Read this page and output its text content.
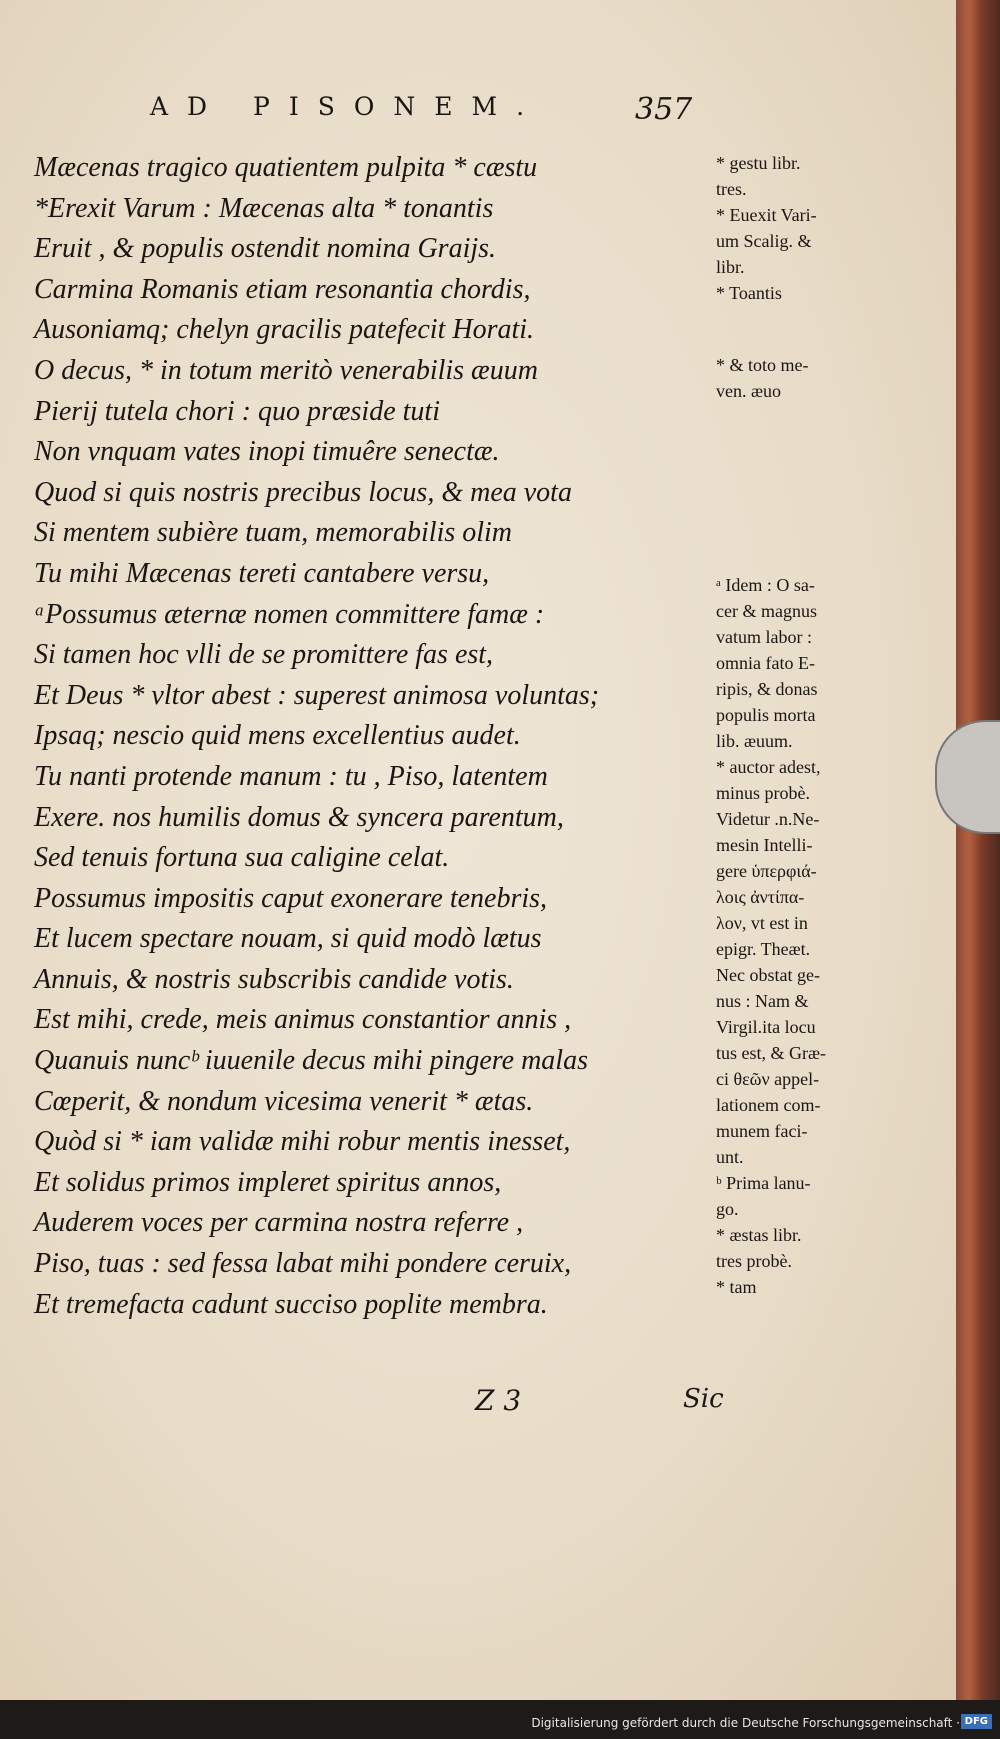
AD PISONEM.	357
Mæcenas tragico quatientem pulpita * cæstu
*Erexit Varum : Mæcenas alta * tonantis
Eruit , & populis ostendit nomina Graijs.
Carmina Romanis etiam resonantia chordis,
Ausoniamq; chelyn gracilis patefecit Horati.
O decus, * in totum meritò venerabilis æuum
Pierij tutela chori : quo præside tuti
Non vnquam vates inopi timuêre senectæ.
Quod si quis nostris precibus locus, & mea vota
Si mentem subière tuam, memorabilis olim
Tu mihi Mæcenas tereti cantabere versu,
ᵃPossumus æternæ nomen committere famæ :
Si tamen hoc vlli de se promittere fas est,
Et Deus * vltor abest : superest animosa voluntas;
Ipsaq; nescio quid mens excellentius audet.
Tu nanti protende manum : tu , Piso, latentem
Exere. nos humilis domus & syncera parentum,
Sed tenuis fortuna sua caligine celat.
Possumus impositis caput exonerare tenebris,
Et lucem spectare nouam, si quid modò lætus
Annuis, & nostris subscribis candide votis.
Est mihi, crede, meis animus constantior annis ,
Quanuis nuncᵇ iuuenile decus mihi pingere malas
Cœperit, & nondum vicesima venerit * ætas.
Quòd si * iam validæ mihi robur mentis inesset,
Et solidus primos impleret spiritus annos,
Auderem voces per carmina nostra referre ,
Piso, tuas : sed fessa labat mihi pondere ceruix,
Et tremefacta cadunt succiso poplite membra.
* gestu libr.
tres.
* Euexit Vari-
um Scalig. &
libr.
* Toantis
* & toto me-
ven. æuo
ᵃ Idem : O sa-
cer & magnus
vatum labor :
omnia fato E-
ripis, & donas
populis morta
lib. æuum.
* auctor adest,
minus probè.
Videtur .n.Ne-
mesin Intelli-
gere ὑπερφιά-
λοις ἀντίπα-
λον, vt est in
epigr. Theæt.
Nec obstat ge-
nus : Nam &
Virgil.ita locu
tus est, & Græ-
ci θεῶν appel-
lationem com-
munem faci-
unt.
ᵇ Prima lanu-
go.
* æstas libr.
tres probè.
* tam
Z 3	Sic
Digitalisierung gefördert durch die Deutsche Forschungsgemeinschaft · DFG
